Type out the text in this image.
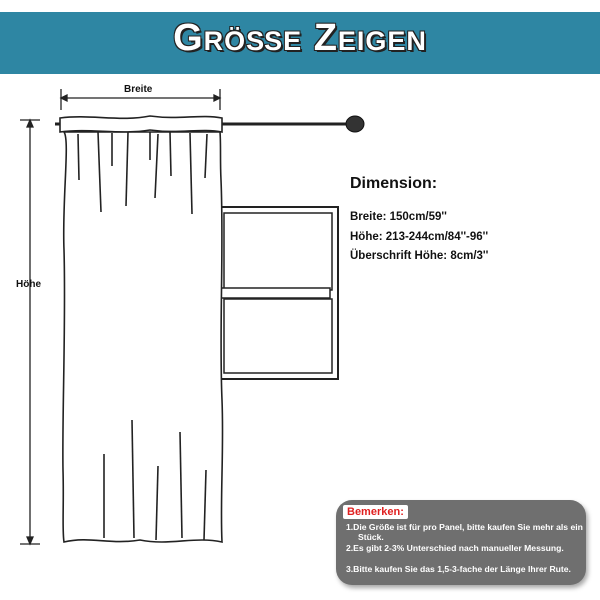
Größe Zeigen
Breite
Höhe
Dimension:
Breite: 150cm/59''
Höhe: 213-244cm/84''-96''
Überschrift Höhe: 8cm/3''
Bemerken:
1.Die Größe ist für pro Panel, bitte kaufen Sie mehr als ein Stück.
2.Es gibt 2-3% Unterschied nach manueller Messung.
3.Bitte kaufen Sie das 1,5-3-fache der Länge Ihrer Rute.
